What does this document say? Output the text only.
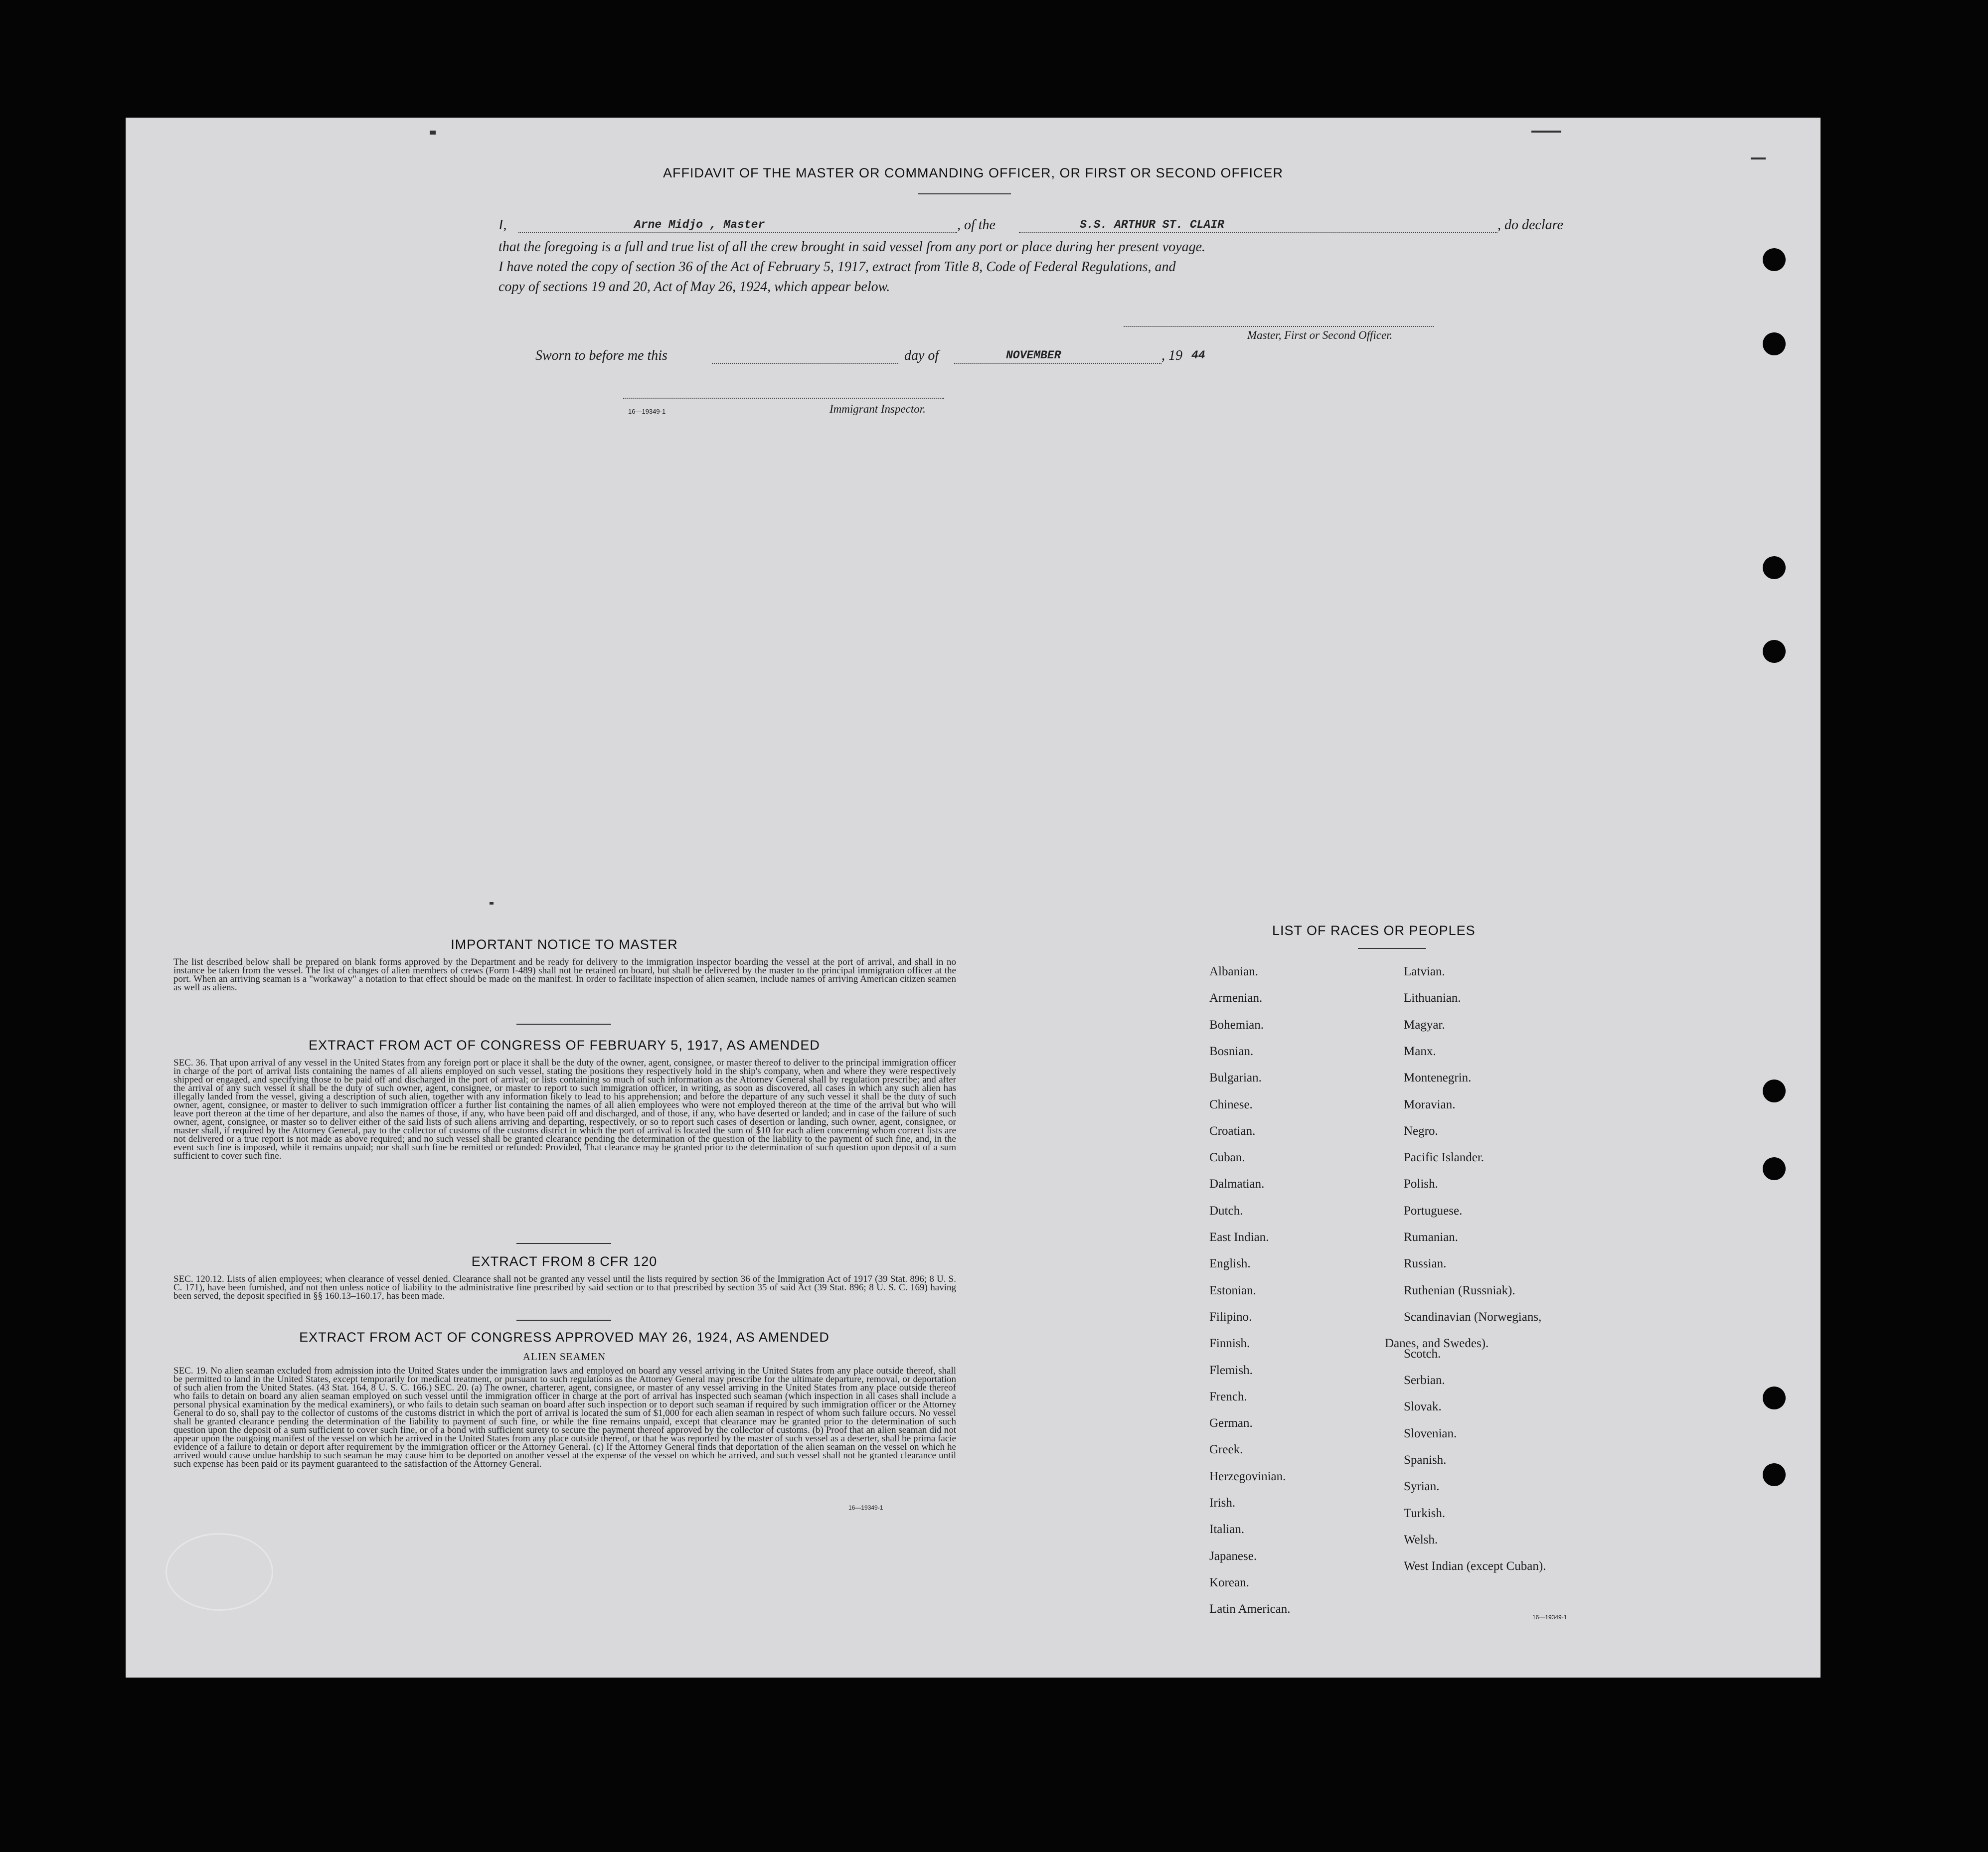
AFFIDAVIT OF THE MASTER OR COMMANDING OFFICER, OR FIRST OR SECOND OFFICER
I,	Arne Midjo , Master	, of the	S.S. ARTHUR ST. CLAIR	, do declare
that the foregoing is a full and true list of all the crew brought in said vessel from any port or place during her present voyage.
I have noted the copy of section 36 of the Act of February 5, 1917, extract from Title 8, Code of Federal Regulations, and
copy of sections 19 and 20, Act of May 26, 1924, which appear below.
Master, First or Second Officer.
Sworn to before me this	day of	NOVEMBER	, 19 44
16—19349-1	Immigrant Inspector.
IMPORTANT NOTICE TO MASTER
The list described below shall be prepared on blank forms approved by the Department and be ready for delivery to the immigration inspector boarding the vessel at the port of arrival, and shall in no instance be taken from the vessel. The list of changes of alien members of crews (Form I-489) shall not be retained on board, but shall be delivered by the master to the principal immigration officer at the port. When an arriving seaman is a "workaway" a notation to that effect should be made on the manifest. In order to facilitate inspection of alien seamen, include names of arriving American citizen seamen as well as aliens.
EXTRACT FROM ACT OF CONGRESS OF FEBRUARY 5, 1917, AS AMENDED
SEC. 36. That upon arrival of any vessel in the United States from any foreign port or place it shall be the duty of the owner, agent, consignee, or master thereof to deliver to the principal immigration officer in charge of the port of arrival lists containing the names of all aliens employed on such vessel, stating the positions they respectively hold in the ship's company, when and where they were respectively shipped or engaged, and specifying those to be paid off and discharged in the port of arrival; or lists containing so much of such information as the Attorney General shall by regulation prescribe; and after the arrival of any such vessel it shall be the duty of such owner, agent, consignee, or master to report to such immigration officer, in writing, as soon as discovered, all cases in which any such alien has illegally landed from the vessel, giving a description of such alien, together with any information likely to lead to his apprehension; and before the departure of any such vessel it shall be the duty of such owner, agent, consignee, or master to deliver to such immigration officer a further list containing the names of all alien employees who were not employed thereon at the time of the arrival but who will leave port thereon at the time of her departure, and also the names of those, if any, who have been paid off and discharged, and of those, if any, who have deserted or landed; and in case of the failure of such owner, agent, consignee, or master so to deliver either of the said lists of such aliens arriving and departing, respectively, or so to report such cases of desertion or landing, such owner, agent, consignee, or master shall, if required by the Attorney General, pay to the collector of customs of the customs district in which the port of arrival is located the sum of $10 for each alien concerning whom correct lists are not delivered or a true report is not made as above required; and no such vessel shall be granted clearance pending the determination of the question of the liability to the payment of such fine, and, in the event such fine is imposed, while it remains unpaid; nor shall such fine be remitted or refunded: Provided, That clearance may be granted prior to the determination of such question upon deposit of a sum sufficient to cover such fine.
EXTRACT FROM 8 CFR 120
SEC. 120.12. Lists of alien employees; when clearance of vessel denied. Clearance shall not be granted any vessel until the lists required by section 36 of the Immigration Act of 1917 (39 Stat. 896; 8 U. S. C. 171), have been furnished, and not then unless notice of liability to the administrative fine prescribed by said section or to that prescribed by section 35 of said Act (39 Stat. 896; 8 U. S. C. 169) having been served, the deposit specified in §§ 160.13–160.17, has been made.
EXTRACT FROM ACT OF CONGRESS APPROVED MAY 26, 1924, AS AMENDED
ALIEN SEAMEN
SEC. 19. No alien seaman excluded from admission into the United States under the immigration laws and employed on board any vessel arriving in the United States from any place outside thereof, shall be permitted to land in the United States, except temporarily for medical treatment, or pursuant to such regulations as the Attorney General may prescribe for the ultimate departure, removal, or deportation of such alien from the United States. (43 Stat. 164, 8 U. S. C. 166.) SEC. 20. (a) The owner, charterer, agent, consignee, or master of any vessel arriving in the United States from any place outside thereof who fails to detain on board any alien seaman employed on such vessel until the immigration officer in charge at the port of arrival has inspected such seaman (which inspection in all cases shall include a personal physical examination by the medical examiners), or who fails to detain such seaman on board after such inspection or to deport such seaman if required by such immigration officer or the Attorney General to do so, shall pay to the collector of customs of the customs district in which the port of arrival is located the sum of $1,000 for each alien seaman in respect of whom such failure occurs. No vessel shall be granted clearance pending the determination of the liability to payment of such fine, or while the fine remains unpaid, except that clearance may be granted prior to the determination of such question upon the deposit of a sum sufficient to cover such fine, or of a bond with sufficient surety to secure the payment thereof approved by the collector of customs. (b) Proof that an alien seaman did not appear upon the outgoing manifest of the vessel on which he arrived in the United States from any place outside thereof, or that he was reported by the master of such vessel as a deserter, shall be prima facie evidence of a failure to detain or deport after requirement by the immigration officer or the Attorney General. (c) If the Attorney General finds that deportation of the alien seaman on the vessel on which he arrived would cause undue hardship to such seaman he may cause him to be deported on another vessel at the expense of the vessel on which he arrived, and such vessel shall not be granted clearance until such expense has been paid or its payment guaranteed to the satisfaction of the Attorney General.
16—19349-1
LIST OF RACES OR PEOPLES
Danes, and Swedes).
16—19349-1
Albanian.
Armenian.
Bohemian.
Bosnian.
Bulgarian.
Chinese.
Croatian.
Cuban.
Dalmatian.
Dutch.
East Indian.
English.
Estonian.
Filipino.
Finnish.
Flemish.
French.
German.
Greek.
Herzegovinian.
Irish.
Italian.
Japanese.
Korean.
Latin American.
Latvian.
Lithuanian.
Magyar.
Manx.
Montenegrin.
Moravian.
Negro.
Pacific Islander.
Polish.
Portuguese.
Rumanian.
Russian.
Ruthenian (Russniak).
Scandinavian (Norwegians,
Scotch.
Serbian.
Slovak.
Slovenian.
Spanish.
Syrian.
Turkish.
Welsh.
West Indian (except Cuban).
